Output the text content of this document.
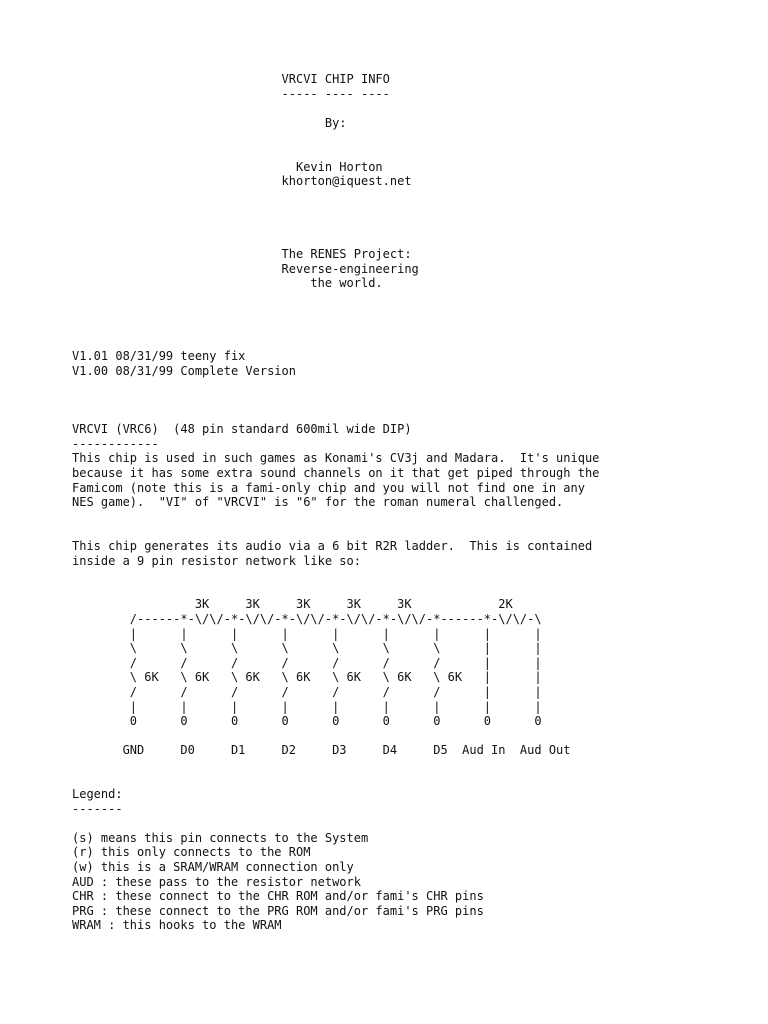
VRCVI CHIP INFO
----- ---- ----

By:

Kevin Horton
khorton@iquest.net

The RENES Project:
Reverse-engineering
the world.

V1.01 08/31/99 teeny fix
V1.00 08/31/99 Complete Version

VRCVI (VRC6)  (48 pin standard 600mil wide DIP)
------------
This chip is used in such games as Konami's CV3j and Madara.  It's unique
because it has some extra sound channels on it that get piped through the
Famicom (note this is a fami-only chip and you will not find one in any
NES game).  "VI" of "VRCVI" is "6" for the roman numeral challenged.

This chip generates its audio via a 6 bit R2R ladder.  This is contained
inside a 9 pin resistor network like so:

3K     3K     3K     3K     3K            2K
/------*-\/\/-*-\/\/-*-\/\/-*-\/\/-*-\/\/-*------*-\/\/-\
|      |      |      |      |      |      |      |      |
\      \      \      \      \      \      \      |      |
/      /      /      /      /      /      /      |      |
\ 6K   \ 6K   \ 6K   \ 6K   \ 6K   \ 6K   \ 6K   |      |
/      /      /      /      /      /      /      |      |
|      |      |      |      |      |      |      |      |
0      0      0      0      0      0      0      0      0

GND     D0     D1     D2     D3     D4     D5  Aud In  Aud Out

Legend:
-------

(s) means this pin connects to the System
(r) this only connects to the ROM
(w) this is a SRAM/WRAM connection only
AUD : these pass to the resistor network
CHR : these connect to the CHR ROM and/or fami's CHR pins
PRG : these connect to the PRG ROM and/or fami's PRG pins
WRAM : this hooks to the WRAM
